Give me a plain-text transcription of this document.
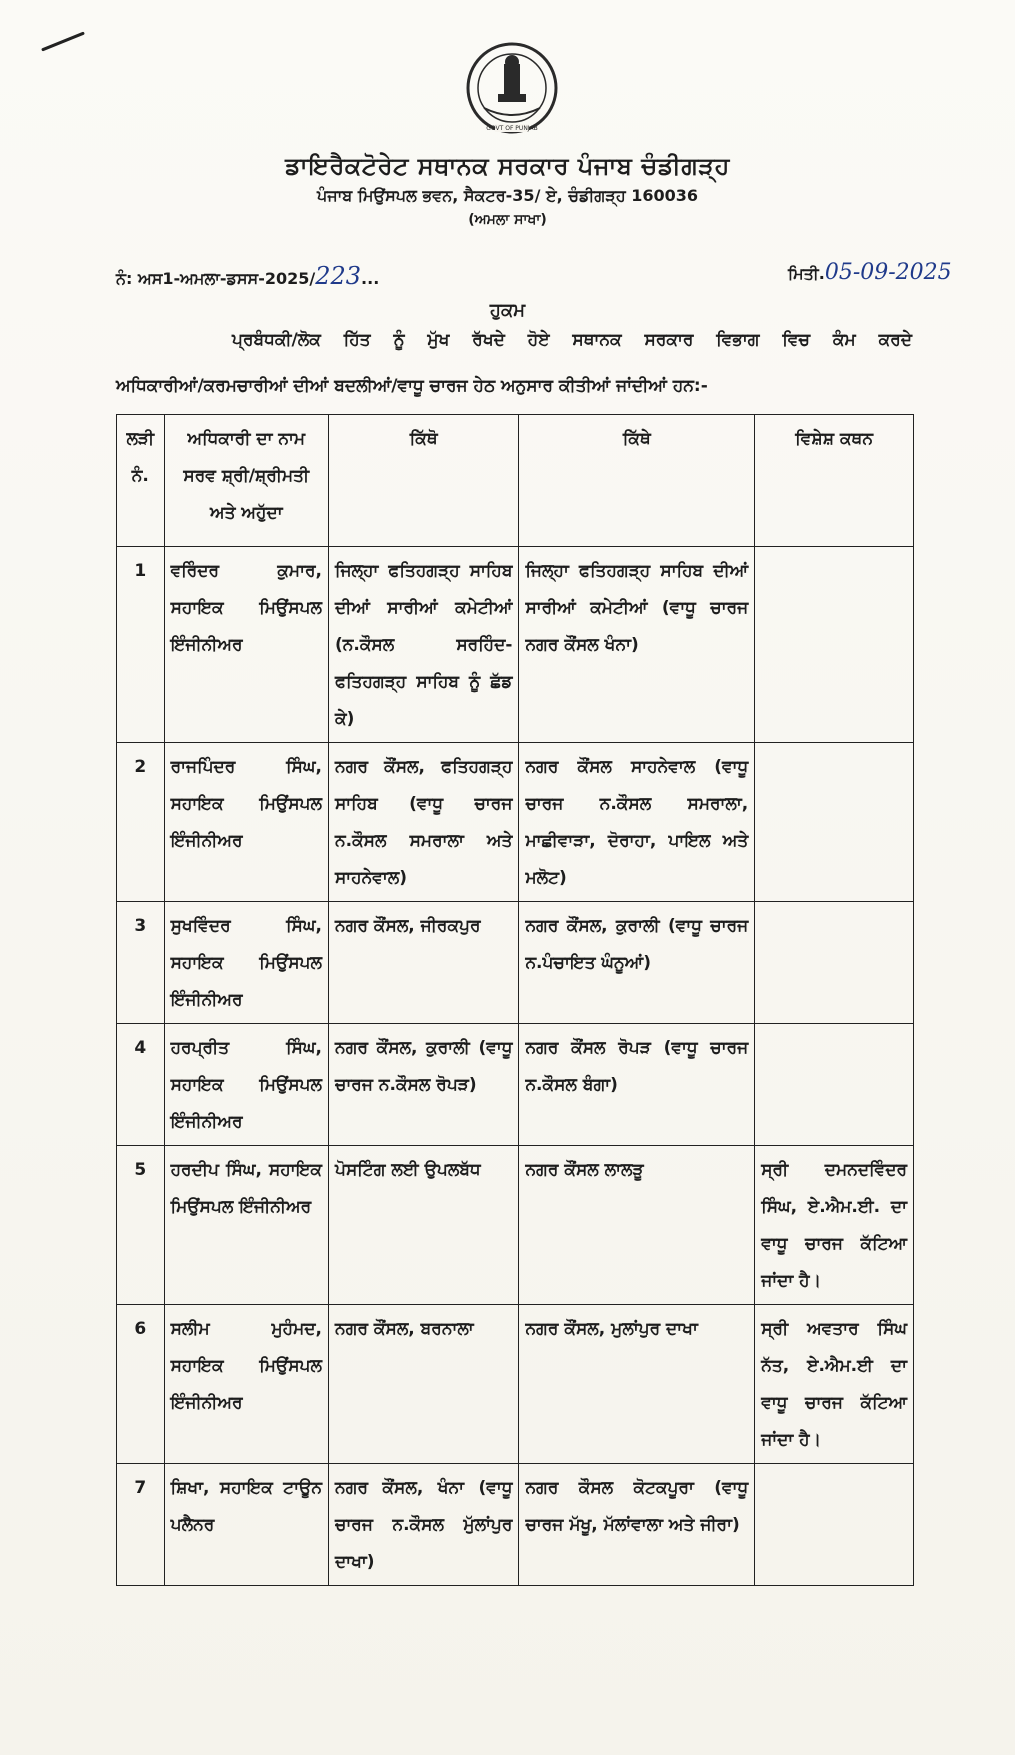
GOVT OF PUNJAB
ਡਾਇਰੈਕਟੋਰੇਟ ਸਥਾਨਕ ਸਰਕਾਰ ਪੰਜਾਬ ਚੰਡੀਗੜ੍ਹ
ਪੰਜਾਬ ਮਿਉਂਸਪਲ ਭਵਨ, ਸੈਕਟਰ-35/ ਏ, ਚੰਡੀਗੜ੍ਹ 160036
(ਅਮਲਾ ਸਾਖਾ)
ਨੰ: ਅਸ1-ਅਮਲਾ-ਡਸਸ-2025/223...	ਮਿਤੀ.05-09-2025
ਹੁਕਮ
ਪ੍ਰਬੰਧਕੀ/ਲੋਕ ਹਿੱਤ ਨੂੰ ਮੁੱਖ ਰੱਖਦੇ ਹੋਏ ਸਥਾਨਕ ਸਰਕਾਰ ਵਿਭਾਗ ਵਿਚ ਕੰਮ ਕਰਦੇ
ਅਧਿਕਾਰੀਆਂ/ਕਰਮਚਾਰੀਆਂ ਦੀਆਂ ਬਦਲੀਆਂ/ਵਾਧੂ ਚਾਰਜ ਹੇਠ ਅਨੁਸਾਰ ਕੀਤੀਆਂ ਜਾਂਦੀਆਂ ਹਨ:-
ਲੜੀ ਨੰ.	ਅਧਿਕਾਰੀ ਦਾ ਨਾਮ ਸਰਵ ਸ਼੍ਰੀ/ਸ਼੍ਰੀਮਤੀ ਅਤੇ ਅਹੁੱਦਾ	ਕਿੱਥੋ	ਕਿੱਥੇ	ਵਿਸ਼ੇਸ਼ ਕਥਨ
1	ਵਰਿੰਦਰ ਕੁਮਾਰ, ਸਹਾਇਕ ਮਿਉਂਸਪਲ ਇੰਜੀਨੀਅਰ	ਜਿਲ੍ਹਾ ਫਤਿਹਗੜ੍ਹ ਸਾਹਿਬ ਦੀਆਂ ਸਾਰੀਆਂ ਕਮੇਟੀਆਂ (ਨ.ਕੌਸਲ ਸਰਹਿੰਦ-ਫਤਿਹਗੜ੍ਹ ਸਾਹਿਬ ਨੂੰ ਛੱਡ ਕੇ)	ਜਿਲ੍ਹਾ ਫਤਿਹਗੜ੍ਹ ਸਾਹਿਬ ਦੀਆਂ ਸਾਰੀਆਂ ਕਮੇਟੀਆਂ (ਵਾਧੂ ਚਾਰਜ ਨਗਰ ਕੌਂਸਲ ਖੰਨਾ)	
2	ਰਾਜਪਿੰਦਰ ਸਿੰਘ, ਸਹਾਇਕ ਮਿਉਂਸਪਲ ਇੰਜੀਨੀਅਰ	ਨਗਰ ਕੌਂਸਲ, ਫਤਿਹਗੜ੍ਹ ਸਾਹਿਬ (ਵਾਧੂ ਚਾਰਜ ਨ.ਕੌਸਲ ਸਮਰਾਲਾ ਅਤੇ ਸਾਹਨੇਵਾਲ)	ਨਗਰ ਕੌਂਸਲ ਸਾਹਨੇਵਾਲ (ਵਾਧੂ ਚਾਰਜ ਨ.ਕੌਸਲ ਸਮਰਾਲਾ, ਮਾਛੀਵਾੜਾ, ਦੋਰਾਹਾ, ਪਾਇਲ ਅਤੇ ਮਲੋਟ)	
3	ਸੁਖਵਿੰਦਰ ਸਿੰਘ, ਸਹਾਇਕ ਮਿਉਂਸਪਲ ਇੰਜੀਨੀਅਰ	ਨਗਰ ਕੌਂਸਲ, ਜੀਰਕਪੁਰ	ਨਗਰ ਕੌਂਸਲ, ਕੁਰਾਲੀ (ਵਾਧੂ ਚਾਰਜ ਨ.ਪੰਚਾਇਤ ਘੰਨੂਆਂ)	
4	ਹਰਪ੍ਰੀਤ ਸਿੰਘ, ਸਹਾਇਕ ਮਿਉਂਸਪਲ ਇੰਜੀਨੀਅਰ	ਨਗਰ ਕੌਂਸਲ, ਕੁਰਾਲੀ (ਵਾਧੂ ਚਾਰਜ ਨ.ਕੌਸਲ ਰੋਪੜ)	ਨਗਰ ਕੌਂਸਲ ਰੋਪੜ (ਵਾਧੂ ਚਾਰਜ ਨ.ਕੌਸਲ ਬੰਗਾ)	
5	ਹਰਦੀਪ ਸਿੰਘ, ਸਹਾਇਕ ਮਿਉਂਸਪਲ ਇੰਜੀਨੀਅਰ	ਪੋਸਟਿੰਗ ਲਈ ਉਪਲਬੱਧ	ਨਗਰ ਕੌਂਸਲ ਲਾਲੜੂ	ਸ੍ਰੀ ਦਮਨਦਵਿੰਦਰ ਸਿੰਘ, ਏ.ਐਮ.ਈ. ਦਾ ਵਾਧੂ ਚਾਰਜ ਕੱਟਿਆ ਜਾਂਦਾ ਹੈ।
6	ਸਲੀਮ ਮੁਹੰਮਦ, ਸਹਾਇਕ ਮਿਉਂਸਪਲ ਇੰਜੀਨੀਅਰ	ਨਗਰ ਕੌਂਸਲ, ਬਰਨਾਲਾ	ਨਗਰ ਕੌਂਸਲ, ਮੁਲਾਂਪੁਰ ਦਾਖਾ	ਸ੍ਰੀ ਅਵਤਾਰ ਸਿੰਘ ਨੱਤ, ਏ.ਐਮ.ਈ ਦਾ ਵਾਧੂ ਚਾਰਜ ਕੱਟਿਆ ਜਾਂਦਾ ਹੈ।
7	ਸ਼ਿਖਾ, ਸਹਾਇਕ ਟਾਊਨ ਪਲੈਨਰ	ਨਗਰ ਕੌਂਸਲ, ਖੰਨਾ (ਵਾਧੂ ਚਾਰਜ ਨ.ਕੌਸਲ ਮੁੱਲਾਂਪੁਰ ਦਾਖਾ)	ਨਗਰ ਕੌਸਲ ਕੋਟਕਪੂਰਾ (ਵਾਧੂ ਚਾਰਜ ਮੱਖੂ, ਮੱਲਾਂਵਾਲਾ ਅਤੇ ਜੀਰਾ)	
